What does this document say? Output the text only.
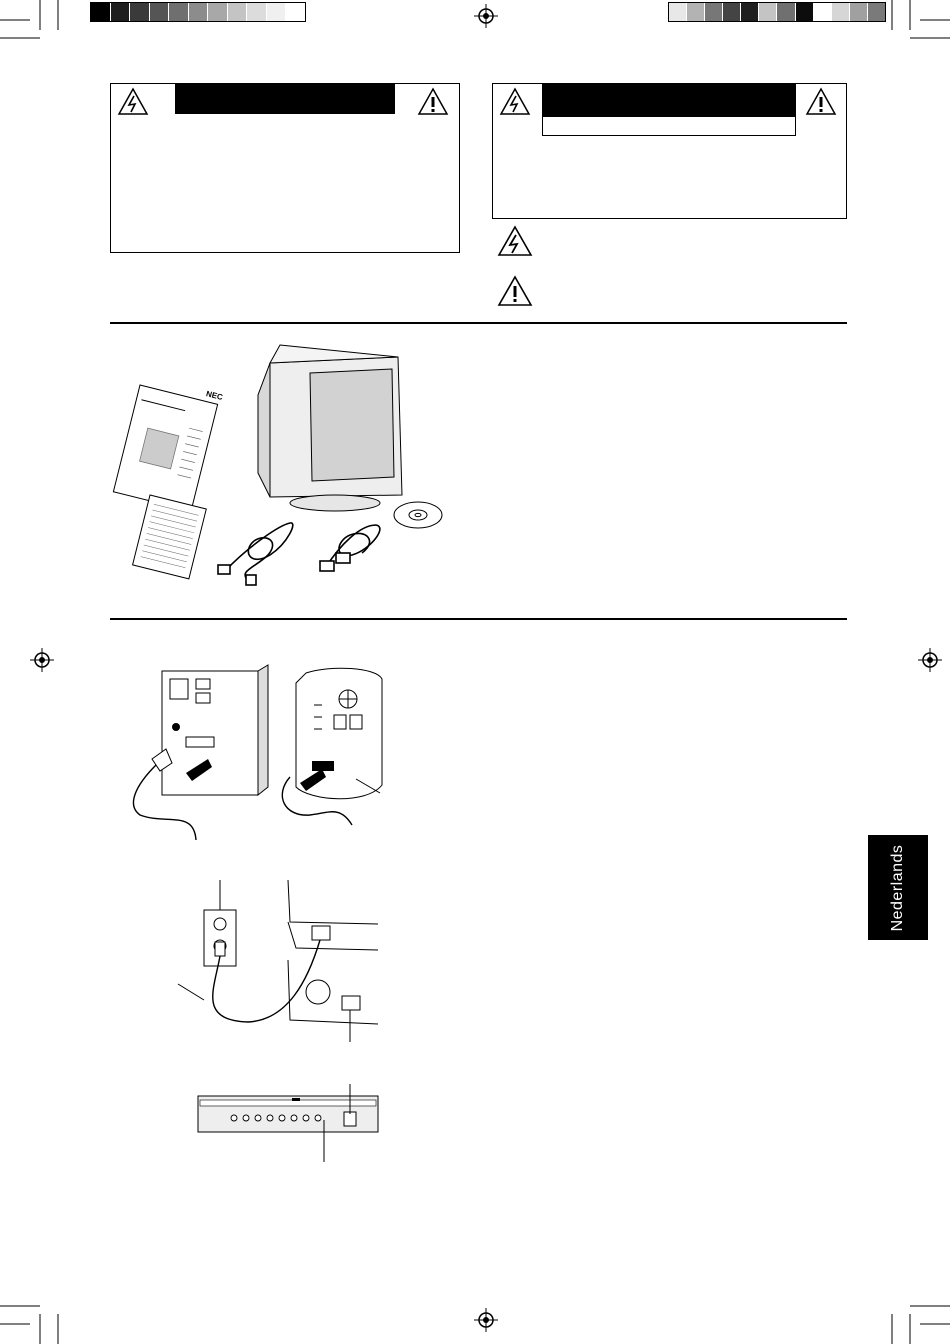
NEC
Nederlands
